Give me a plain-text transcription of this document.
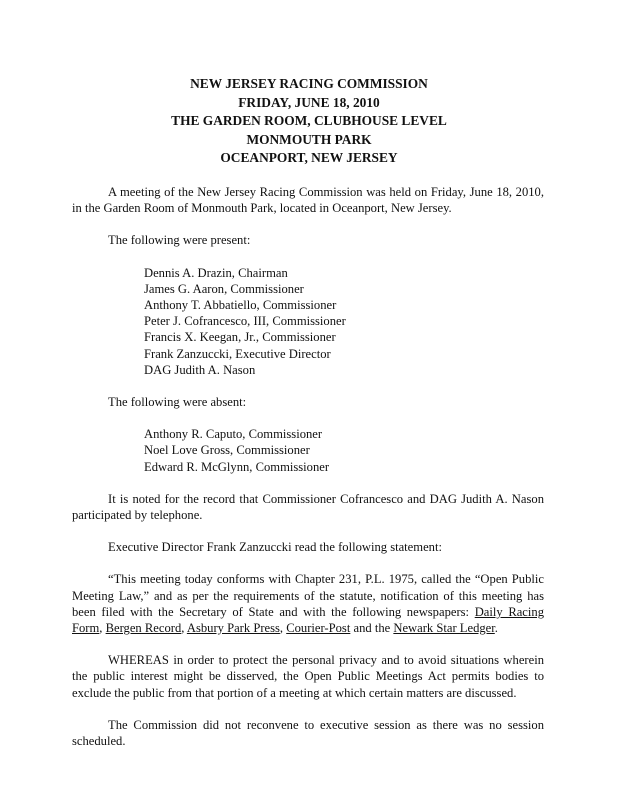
NEW JERSEY RACING COMMISSION
FRIDAY, JUNE 18, 2010
THE GARDEN ROOM, CLUBHOUSE LEVEL
MONMOUTH PARK
OCEANPORT, NEW JERSEY

A meeting of the New Jersey Racing Commission was held on Friday, June 18, 2010, in the Garden Room of Monmouth Park, located in Oceanport, New Jersey.

The following were present:

Dennis A. Drazin, Chairman
James G. Aaron, Commissioner
Anthony T. Abbatiello, Commissioner
Peter J. Cofrancesco, III, Commissioner
Francis X. Keegan, Jr., Commissioner
Frank Zanzuccki, Executive Director
DAG Judith A. Nason

The following were absent:

Anthony R. Caputo, Commissioner
Noel Love Gross, Commissioner
Edward R. McGlynn, Commissioner

It is noted for the record that Commissioner Cofrancesco and DAG Judith A. Nason participated by telephone.

Executive Director Frank Zanzuccki read the following statement:

“This meeting today conforms with Chapter 231, P.L. 1975, called the “Open Public Meeting Law,” and as per the requirements of the statute, notification of this meeting has been filed with the Secretary of State and with the following newspapers: Daily Racing Form, Bergen Record, Asbury Park Press, Courier-Post and the Newark Star Ledger.

WHEREAS in order to protect the personal privacy and to avoid situations wherein the public interest might be disserved, the Open Public Meetings Act permits bodies to exclude the public from that portion of a meeting at which certain matters are discussed.

The Commission did not reconvene to executive session as there was no session scheduled.
